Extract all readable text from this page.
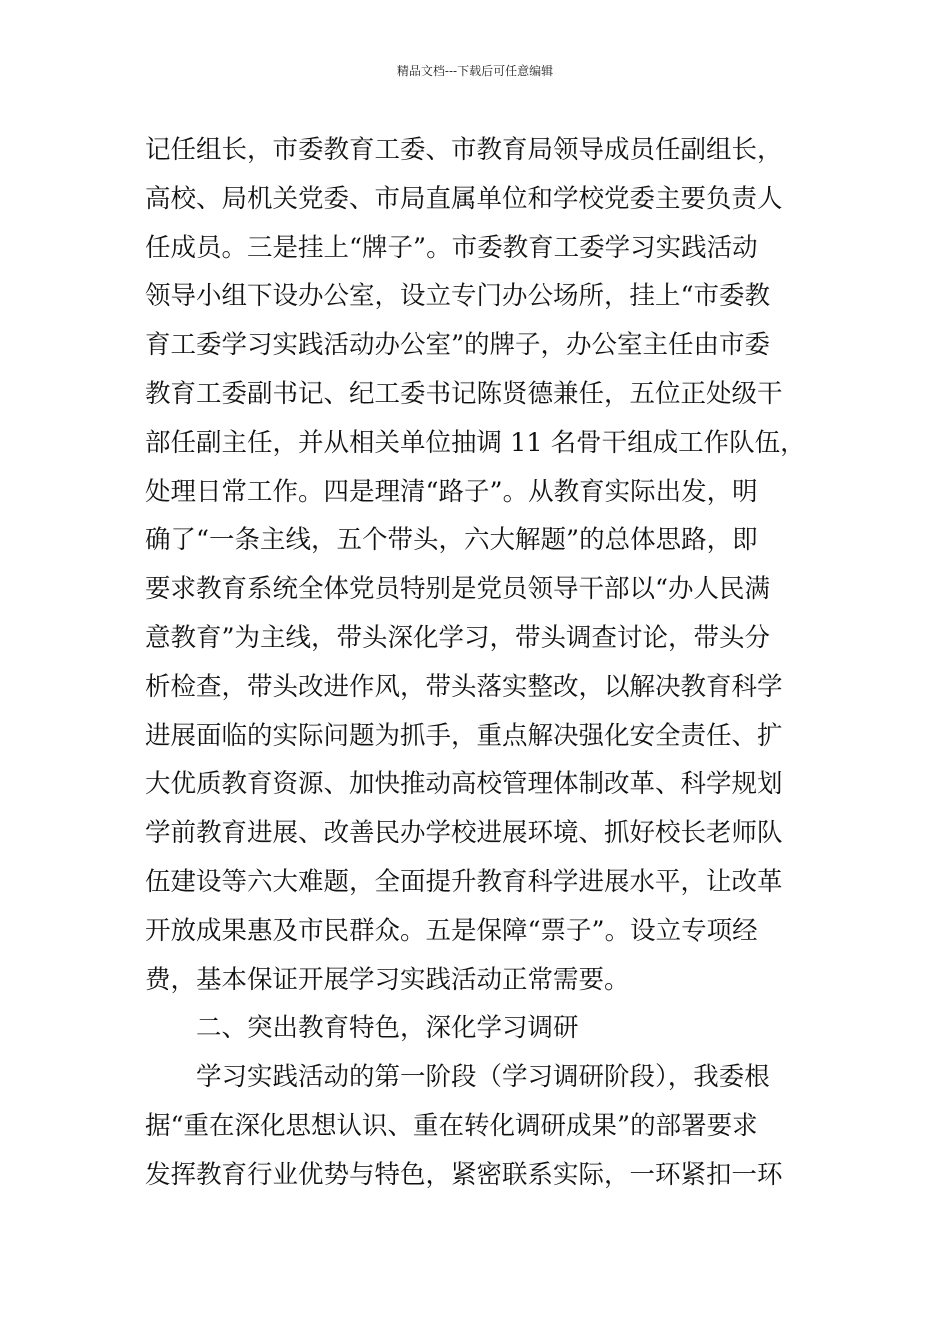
精品文档---下载后可任意编辑
记任组长，市委教育工委、市教育局领导成员任副组长，
高校、局机关党委、市局直属单位和学校党委主要负责人
任成员。三是挂上“牌子”。市委教育工委学习实践活动
领导小组下设办公室，设立专门办公场所，挂上“市委教
育工委学习实践活动办公室”的牌子，办公室主任由市委
教育工委副书记、纪工委书记陈贤德兼任，五位正处级干
部任副主任，并从相关单位抽调 11 名骨干组成工作队伍，
处理日常工作。四是理清“路子”。从教育实际出发，明
确了“一条主线，五个带头，六大解题”的总体思路，即
要求教育系统全体党员特别是党员领导干部以“办人民满
意教育”为主线，带头深化学习，带头调查讨论，带头分
析检查，带头改进作风，带头落实整改，以解决教育科学
进展面临的实际问题为抓手，重点解决强化安全责任、扩
大优质教育资源、加快推动高校管理体制改革、科学规划
学前教育进展、改善民办学校进展环境、抓好校长老师队
伍建设等六大难题，全面提升教育科学进展水平，让改革
开放成果惠及市民群众。五是保障“票子”。设立专项经
费，基本保证开展学习实践活动正常需要。
二、突出教育特色，深化学习调研
学习实践活动的第一阶段（学习调研阶段），我委根
据“重在深化思想认识、重在转化调研成果”的部署要求
发挥教育行业优势与特色，紧密联系实际，一环紧扣一环
